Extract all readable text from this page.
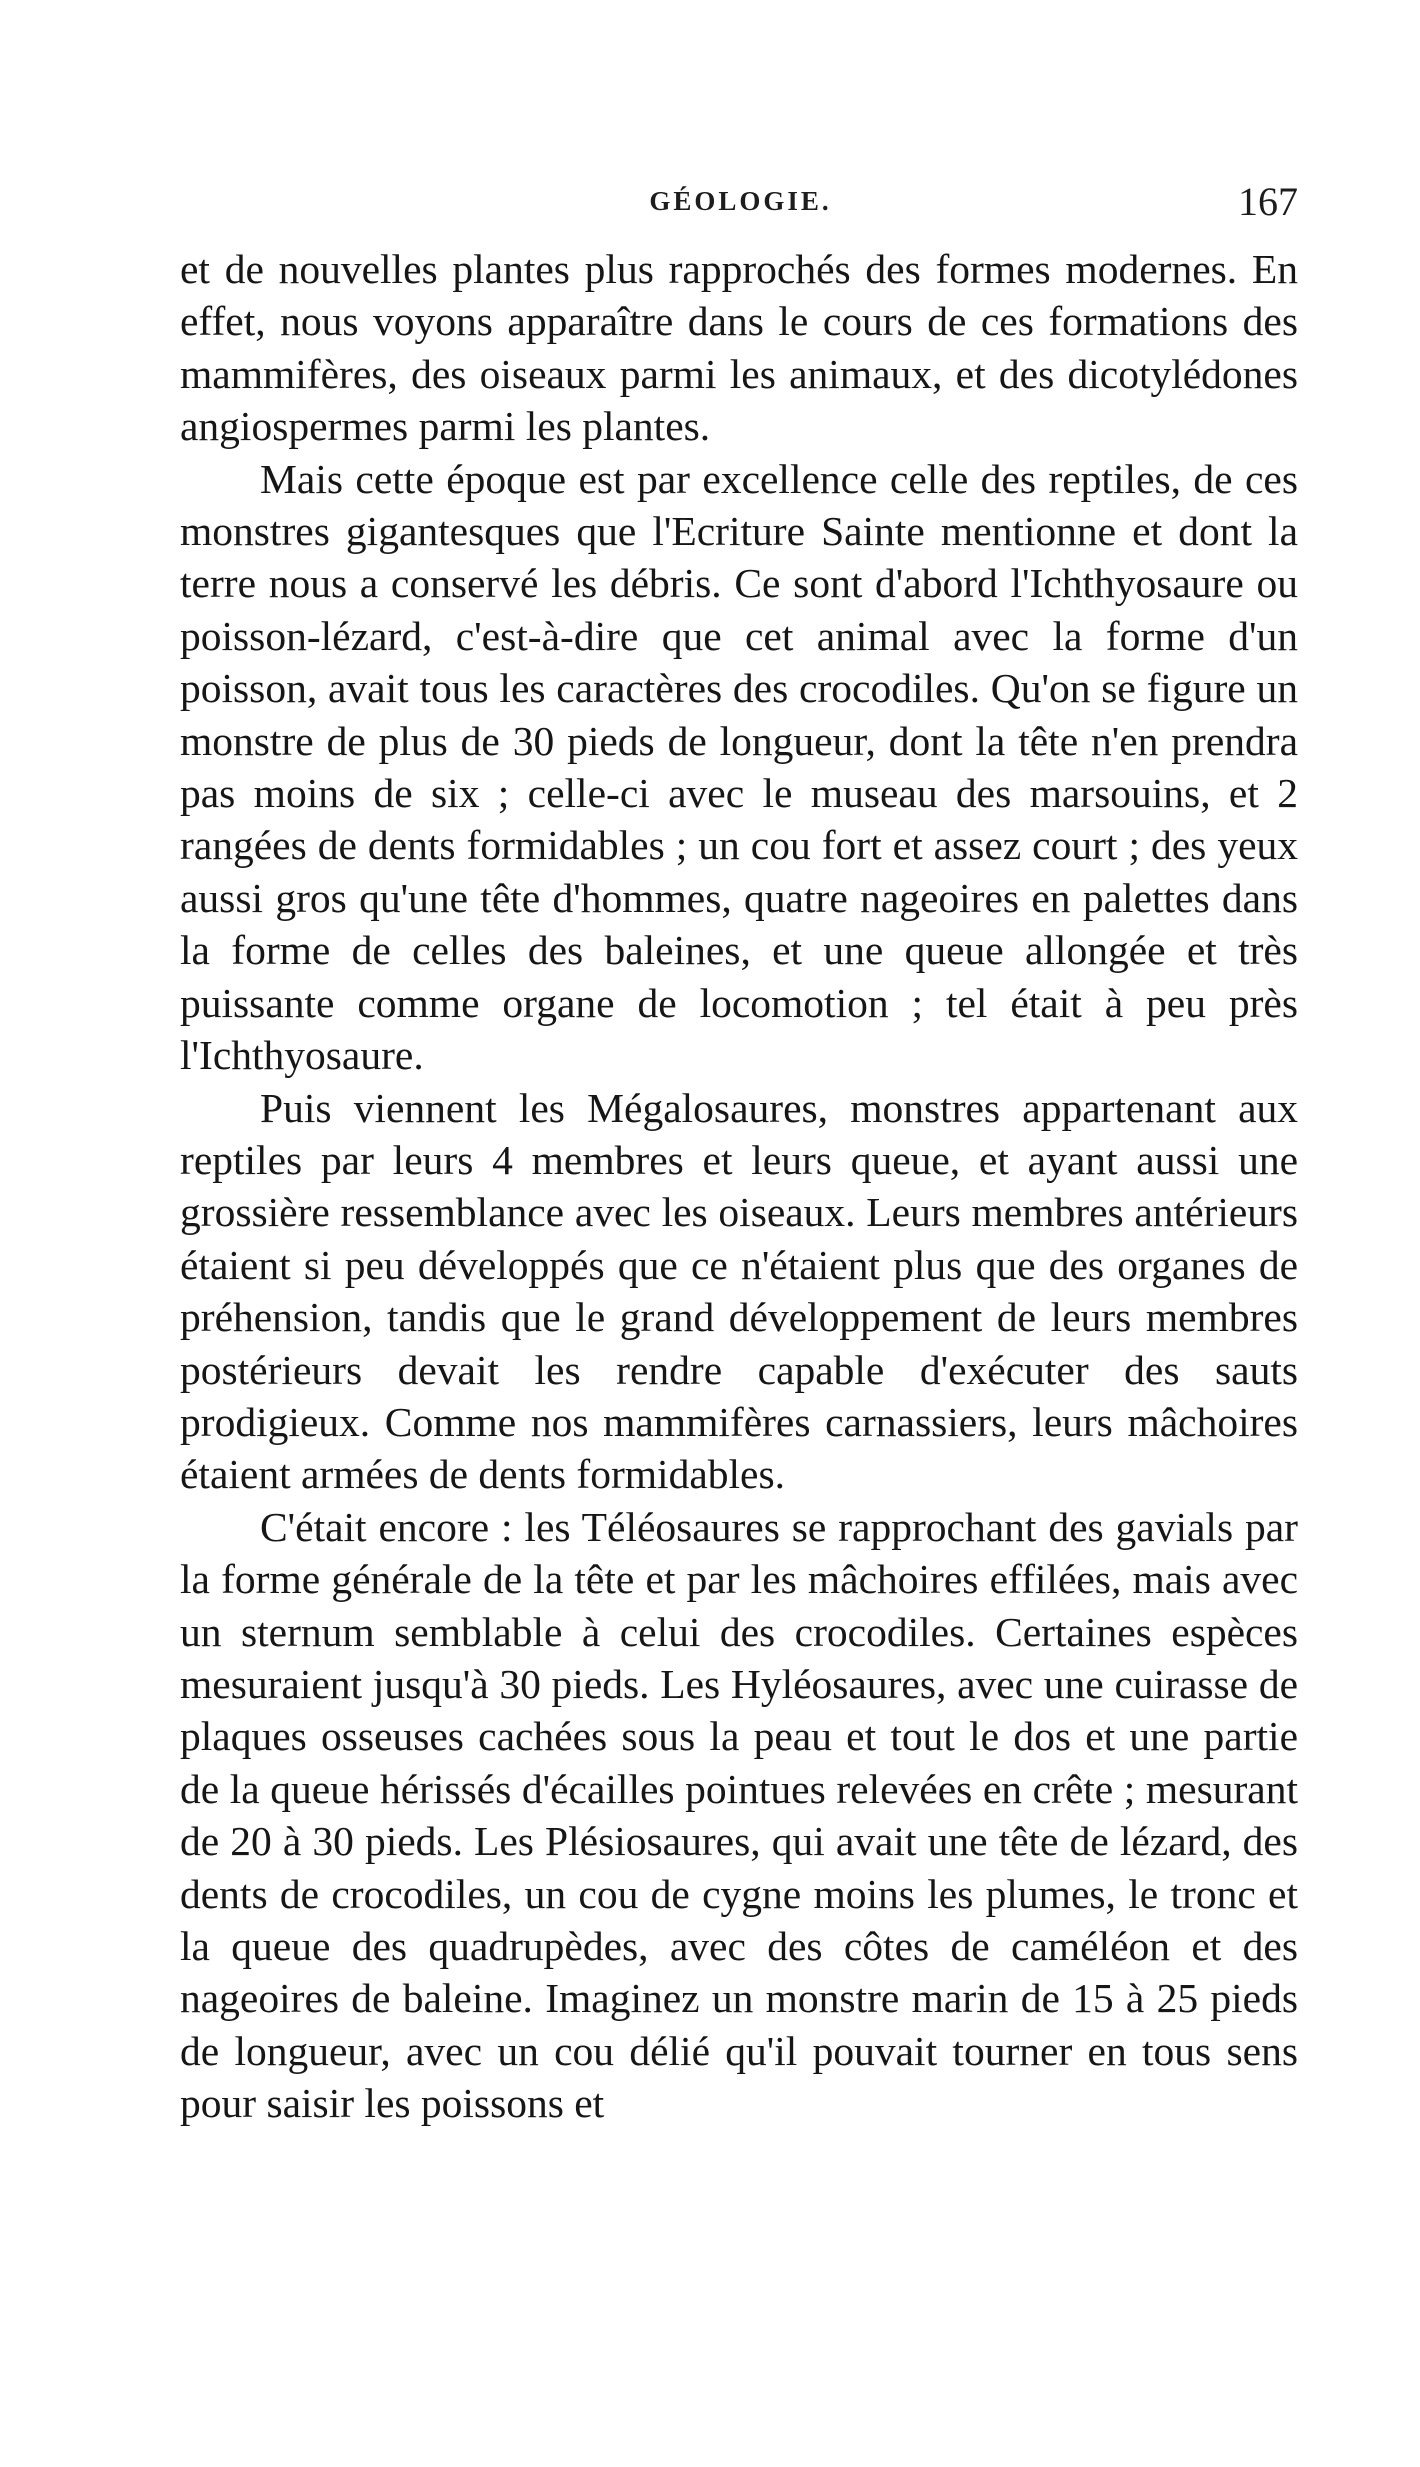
GÉOLOGIE.	167

et de nouvelles plantes plus rapprochés des formes modernes. En effet, nous voyons apparaître dans le cours de ces formations des mammifères, des oiseaux parmi les animaux, et des dicotylédones angiospermes parmi les plantes.

Mais cette époque est par excellence celle des reptiles, de ces monstres gigantesques que l'Ecriture Sainte mentionne et dont la terre nous a conservé les débris. Ce sont d'abord l'Ichthyosaure ou poisson-lézard, c'est-à-dire que cet animal avec la forme d'un poisson, avait tous les caractères des crocodiles. Qu'on se figure un monstre de plus de 30 pieds de longueur, dont la tête n'en prendra pas moins de six ; celle-ci avec le museau des marsouins, et 2 rangées de dents formidables ; un cou fort et assez court ; des yeux aussi gros qu'une tête d'hommes, quatre nageoires en palettes dans la forme de celles des baleines, et une queue allongée et très puissante comme organe de locomotion ; tel était à peu près l'Ichthyosaure.

Puis viennent les Mégalosaures, monstres appartenant aux reptiles par leurs 4 membres et leurs queue, et ayant aussi une grossière ressemblance avec les oiseaux. Leurs membres antérieurs étaient si peu développés que ce n'étaient plus que des organes de préhension, tandis que le grand développement de leurs membres postérieurs devait les rendre capable d'exécuter des sauts prodigieux. Comme nos mammifères carnassiers, leurs mâchoires étaient armées de dents formidables.

C'était encore : les Téléosaures se rapprochant des gavials par la forme générale de la tête et par les mâchoires effilées, mais avec un sternum semblable à celui des crocodiles. Certaines espèces mesuraient jusqu'à 30 pieds. Les Hyléosaures, avec une cuirasse de plaques osseuses cachées sous la peau et tout le dos et une partie de la queue hérissés d'écailles pointues relevées en crête ; mesurant de 20 à 30 pieds. Les Plésiosaures, qui avait une tête de lézard, des dents de crocodiles, un cou de cygne moins les plumes, le tronc et la queue des quadrupèdes, avec des côtes de caméléon et des nageoires de baleine. Imaginez un monstre marin de 15 à 25 pieds de longueur, avec un cou délié qu'il pouvait tourner en tous sens pour saisir les poissons et
